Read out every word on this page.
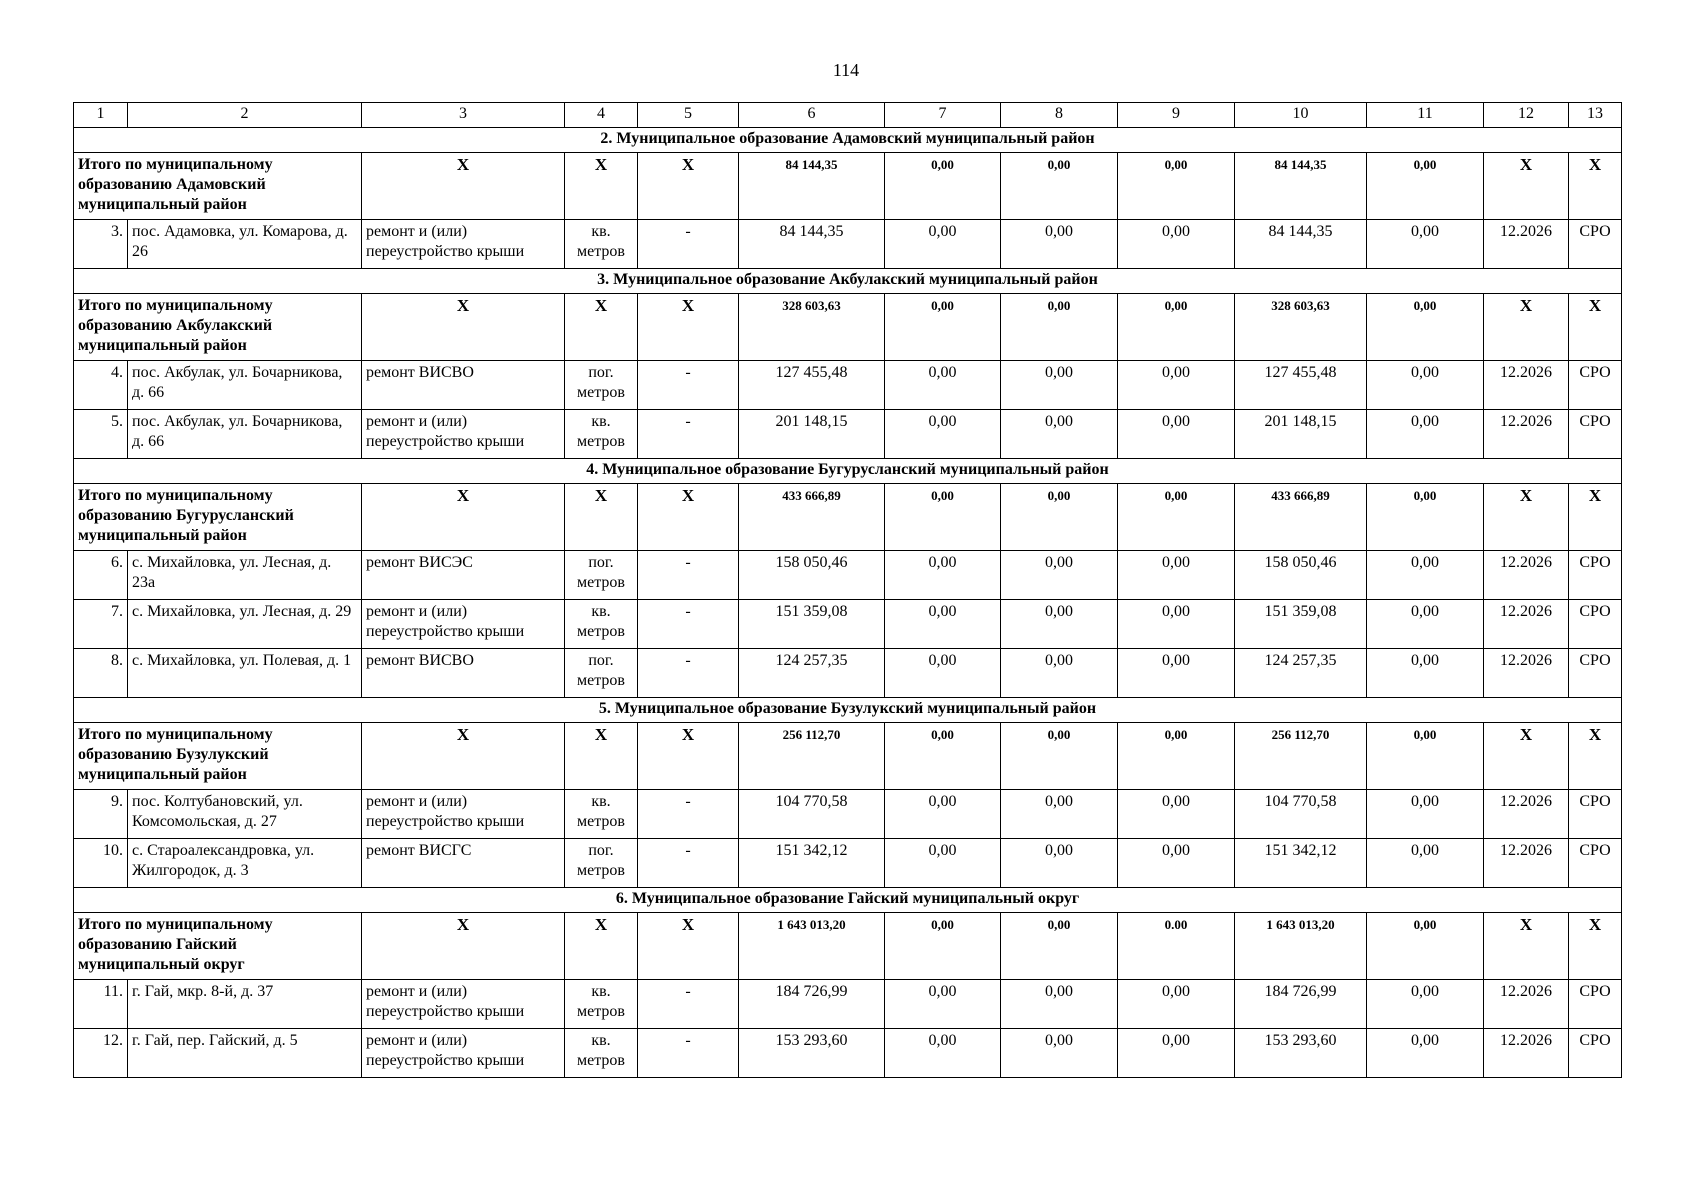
114
1	2	3	4	5	6	7	8	9	10	11	12	13
2. Муниципальное образование Адамовский муниципальный район												
Итого по муниципальному образованию Адамовский муниципальный район		X	X	X	84 144,35	0,00	0,00	0,00	84 144,35	0,00	X	X
3.	пос. Адамовка, ул. Комарова, д. 26	ремонт и (или) переустройство крыши	кв. метров	-	84 144,35	0,00	0,00	0,00	84 144,35	0,00	12.2026	СРО
3. Муниципальное образование Акбулакский муниципальный район												
Итого по муниципальному образованию Акбулакский муниципальный район		X	X	X	328 603,63	0,00	0,00	0,00	328 603,63	0,00	X	X
4.	пос. Акбулак, ул. Бочарникова, д. 66	ремонт ВИСВО	пог. метров	-	127 455,48	0,00	0,00	0,00	127 455,48	0,00	12.2026	СРО
5.	пос. Акбулак, ул. Бочарникова, д. 66	ремонт и (или) переустройство крыши	кв. метров	-	201 148,15	0,00	0,00	0,00	201 148,15	0,00	12.2026	СРО
4. Муниципальное образование Бугурусланский муниципальный район												
Итого по муниципальному образованию Бугурусланский муниципальный район		X	X	X	433 666,89	0,00	0,00	0,00	433 666,89	0,00	X	X
6.	с. Михайловка, ул. Лесная, д. 23а	ремонт ВИСЭС	пог. метров	-	158 050,46	0,00	0,00	0,00	158 050,46	0,00	12.2026	СРО
7.	с. Михайловка, ул. Лесная, д. 29	ремонт и (или) переустройство крыши	кв. метров	-	151 359,08	0,00	0,00	0,00	151 359,08	0,00	12.2026	СРО
8.	с. Михайловка, ул. Полевая, д. 1	ремонт ВИСВО	пог. метров	-	124 257,35	0,00	0,00	0,00	124 257,35	0,00	12.2026	СРО
5. Муниципальное образование Бузулукский муниципальный район												
Итого по муниципальному образованию Бузулукский муниципальный район		X	X	X	256 112,70	0,00	0,00	0,00	256 112,70	0,00	X	X
9.	пос. Колтубановский, ул. Комсомольская, д. 27	ремонт и (или) переустройство крыши	кв. метров	-	104 770,58	0,00	0,00	0,00	104 770,58	0,00	12.2026	СРО
10.	с. Староалександровка, ул. Жилгородок, д. 3	ремонт ВИСГС	пог. метров	-	151 342,12	0,00	0,00	0,00	151 342,12	0,00	12.2026	СРО
6. Муниципальное образование Гайский муниципальный округ												
Итого по муниципальному образованию Гайский муниципальный округ		X	X	X	1 643 013,20	0,00	0,00	0.00	1 643 013,20	0,00	X	X
11.	г. Гай, мкр. 8-й, д. 37	ремонт и (или) переустройство крыши	кв. метров	-	184 726,99	0,00	0,00	0,00	184 726,99	0,00	12.2026	СРО
12.	г. Гай, пер. Гайский, д. 5	ремонт и (или) переустройство крыши	кв. метров	-	153 293,60	0,00	0,00	0,00	153 293,60	0,00	12.2026	СРО
